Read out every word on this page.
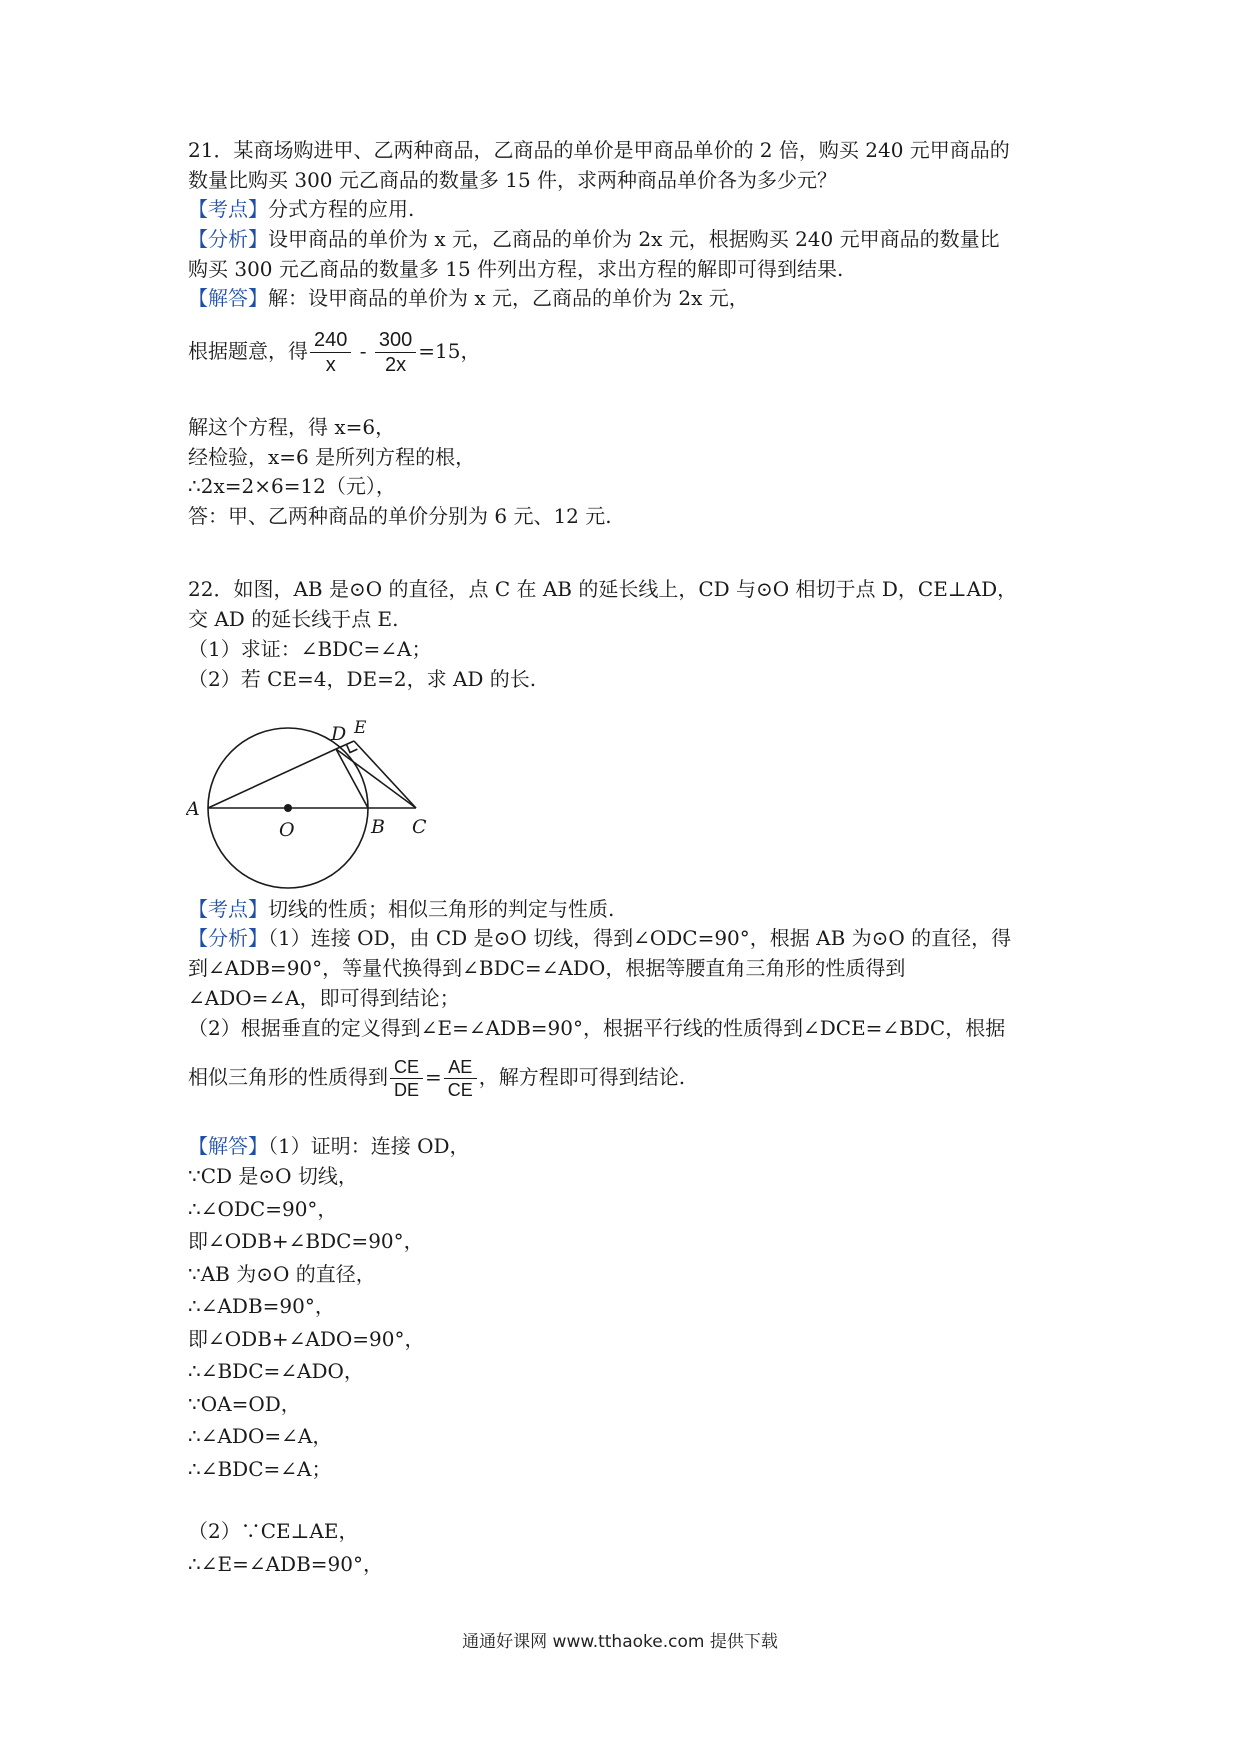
21．某商场购进甲、乙两种商品，乙商品的单价是甲商品单价的 2 倍，购买 240 元甲商品的
数量比购买 300 元乙商品的数量多 15 件，求两种商品单价各为多少元？
【考点】分式方程的应用.
【分析】设甲商品的单价为 x 元，乙商品的单价为 2x 元，根据购买 240 元甲商品的数量比
购买 300 元乙商品的数量多 15 件列出方程，求出方程的解即可得到结果.
【解答】解：设甲商品的单价为 x 元，乙商品的单价为 2x 元，
根据题意，得 $\frac{240}{x} - \frac{300}{2x} =15$，
解这个方程，得 x=6，
经检验，x=6 是所列方程的根，
∴2x=2×6=12（元），
答：甲、乙两种商品的单价分别为 6 元、12 元.
22．如图，AB 是⊙O 的直径，点 C 在 AB 的延长线上，CD 与⊙O 相切于点 D，CE⊥AD，
交 AD 的延长线于点 E.
（1）求证：∠BDC=∠A；
（2）若 CE=4，DE=2，求 AD 的长.
A
O	B C
D E
【考点】切线的性质；相似三角形的判定与性质.
【分析】（1）连接 OD，由 CD 是⊙O 切线，得到∠ODC=90°，根据 AB 为⊙O 的直径，得
到∠ADB=90°，等量代换得到∠BDC=∠ADO，根据等腰直角三角形的性质得到
∠ADO=∠A，即可得到结论；
（2）根据垂直的定义得到∠E=∠ADB=90°，根据平行线的性质得到∠DCE=∠BDC，根据
相似三角形的性质得到 $\frac{CE}{DE} = \frac{AE}{CE}$ ，解方程即可得到结论.
【解答】（1）证明：连接 OD，
∵CD 是⊙O 切线，
∴∠ODC=90°，
即∠ODB+∠BDC=90°，
∵AB 为⊙O 的直径，
∴∠ADB=90°，
即∠ODB+∠ADO=90°，
∴∠BDC=∠ADO，
∵OA=OD，
∴∠ADO=∠A，
∴∠BDC=∠A；
（2）∵CE⊥AE，
∴∠E=∠ADB=90°，
通通好课网 www.tthaoke.com 提供下载
